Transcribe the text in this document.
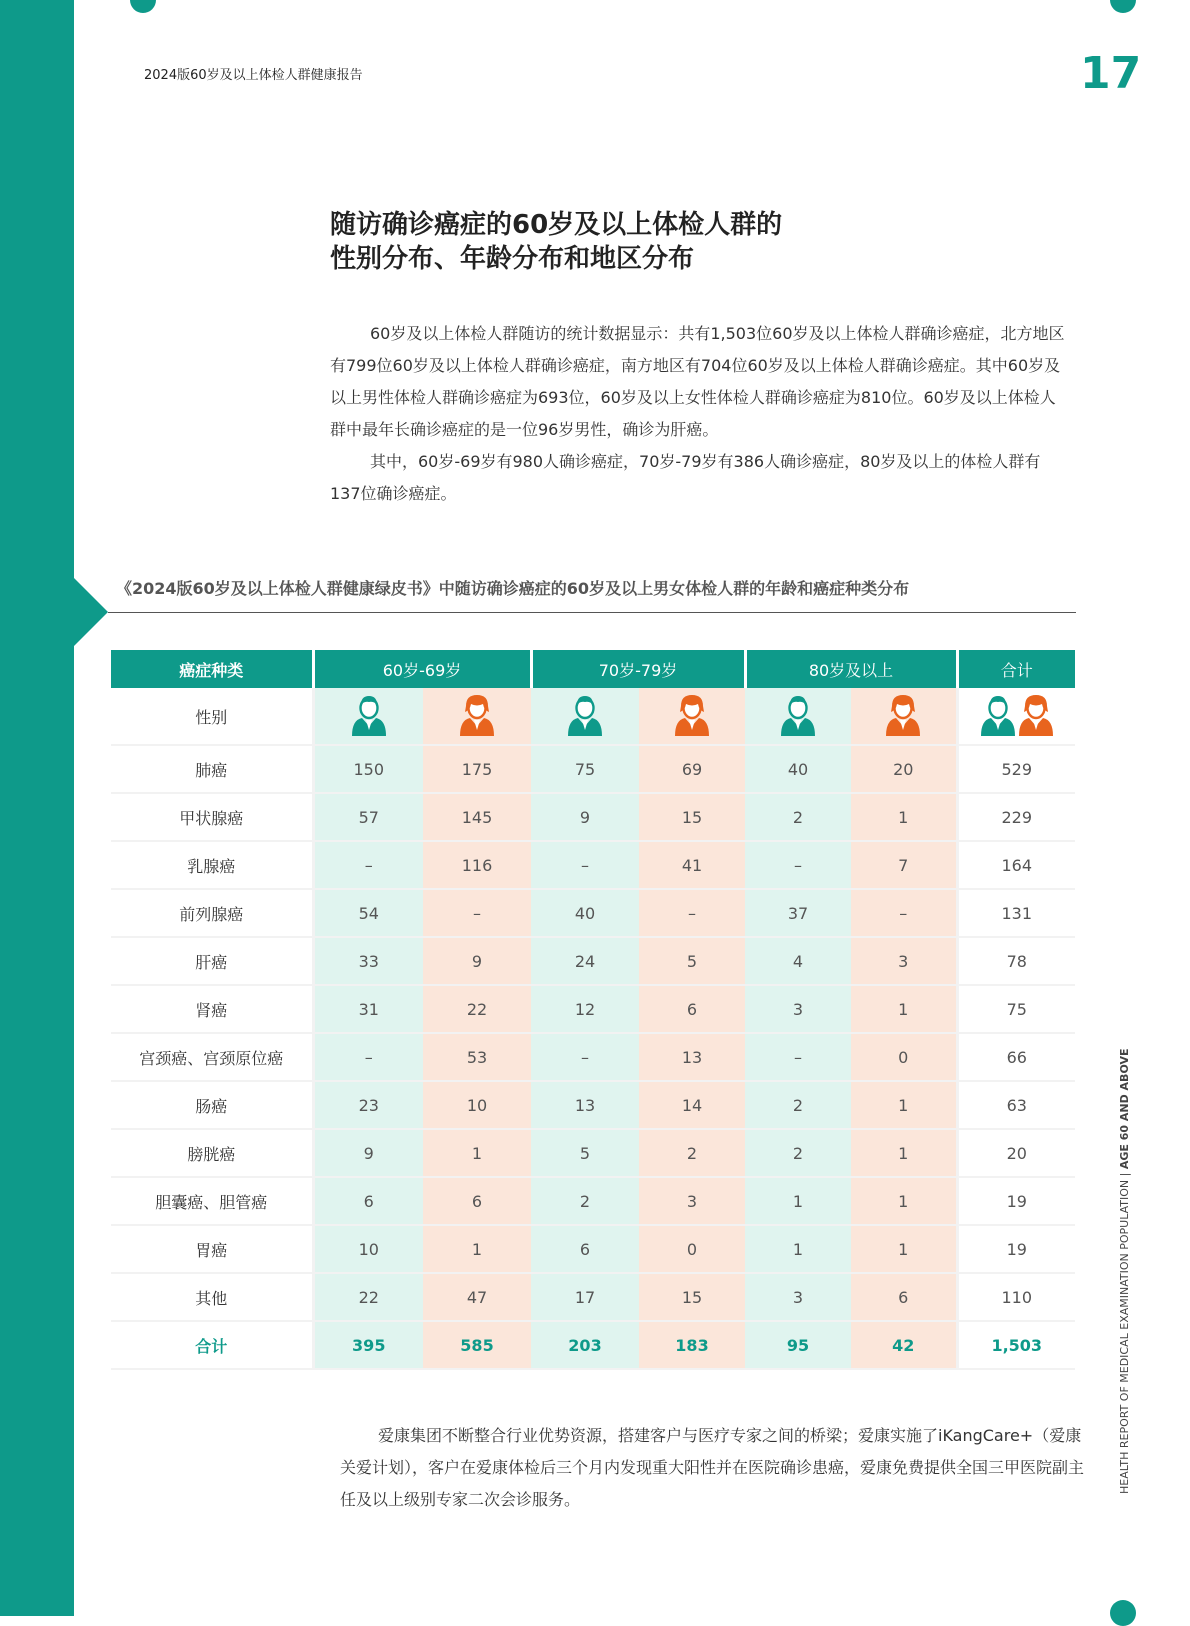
2024版60岁及以上体检人群健康报告	17
随访确诊癌症的60岁及以上体检人群的
性别分布、年龄分布和地区分布

60岁及以上体检人群随访的统计数据显示：共有1,503位60岁及以上体检人群确诊癌症，北方地区有799位60岁及以上体检人群确诊癌症，南方地区有704位60岁及以上体检人群确诊癌症。其中60岁及以上男性体检人群确诊癌症为693位，60岁及以上女性体检人群确诊癌症为810位。60岁及以上体检人群中最年长确诊癌症的是一位96岁男性，确诊为肝癌。

其中，60岁-69岁有980人确诊癌症，70岁-79岁有386人确诊癌症，80岁及以上的体检人群有137位确诊癌症。

《2024版60岁及以上体检人群健康绿皮书》中随访确诊癌症的60岁及以上男女体检人群的年龄和癌症种类分布
癌症种类	60岁-69岁		70岁-79岁		80岁及以上		合计
性别							
肺癌	150	175	75	69	40	20	529
甲状腺癌	57	145	9	15	2	1	229
乳腺癌	–	116	–	41	–	7	164
前列腺癌	54	–	40	–	37	–	131
肝癌	33	9	24	5	4	3	78
肾癌	31	22	12	6	3	1	75
宫颈癌、宫颈原位癌	–	53	–	13	–	0	66
肠癌	23	10	13	14	2	1	63
膀胱癌	9	1	5	2	2	1	20
胆囊癌、胆管癌	6	6	2	3	1	1	19
胃癌	10	1	6	0	1	1	19
其他	22	47	17	15	3	6	110
合计	395	585	203	183	95	42	1,503	HEALTH REPORT OF MEDICAL EXAMINATION POPULATION | AGE 60 AND ABOVE

爱康集团不断整合行业优势资源，搭建客户与医疗专家之间的桥梁；爱康实施了iKangCare+（爱康关爱计划），客户在爱康体检后三个月内发现重大阳性并在医院确诊患癌，爱康免费提供全国三甲医院副主任及以上级别专家二次会诊服务。
